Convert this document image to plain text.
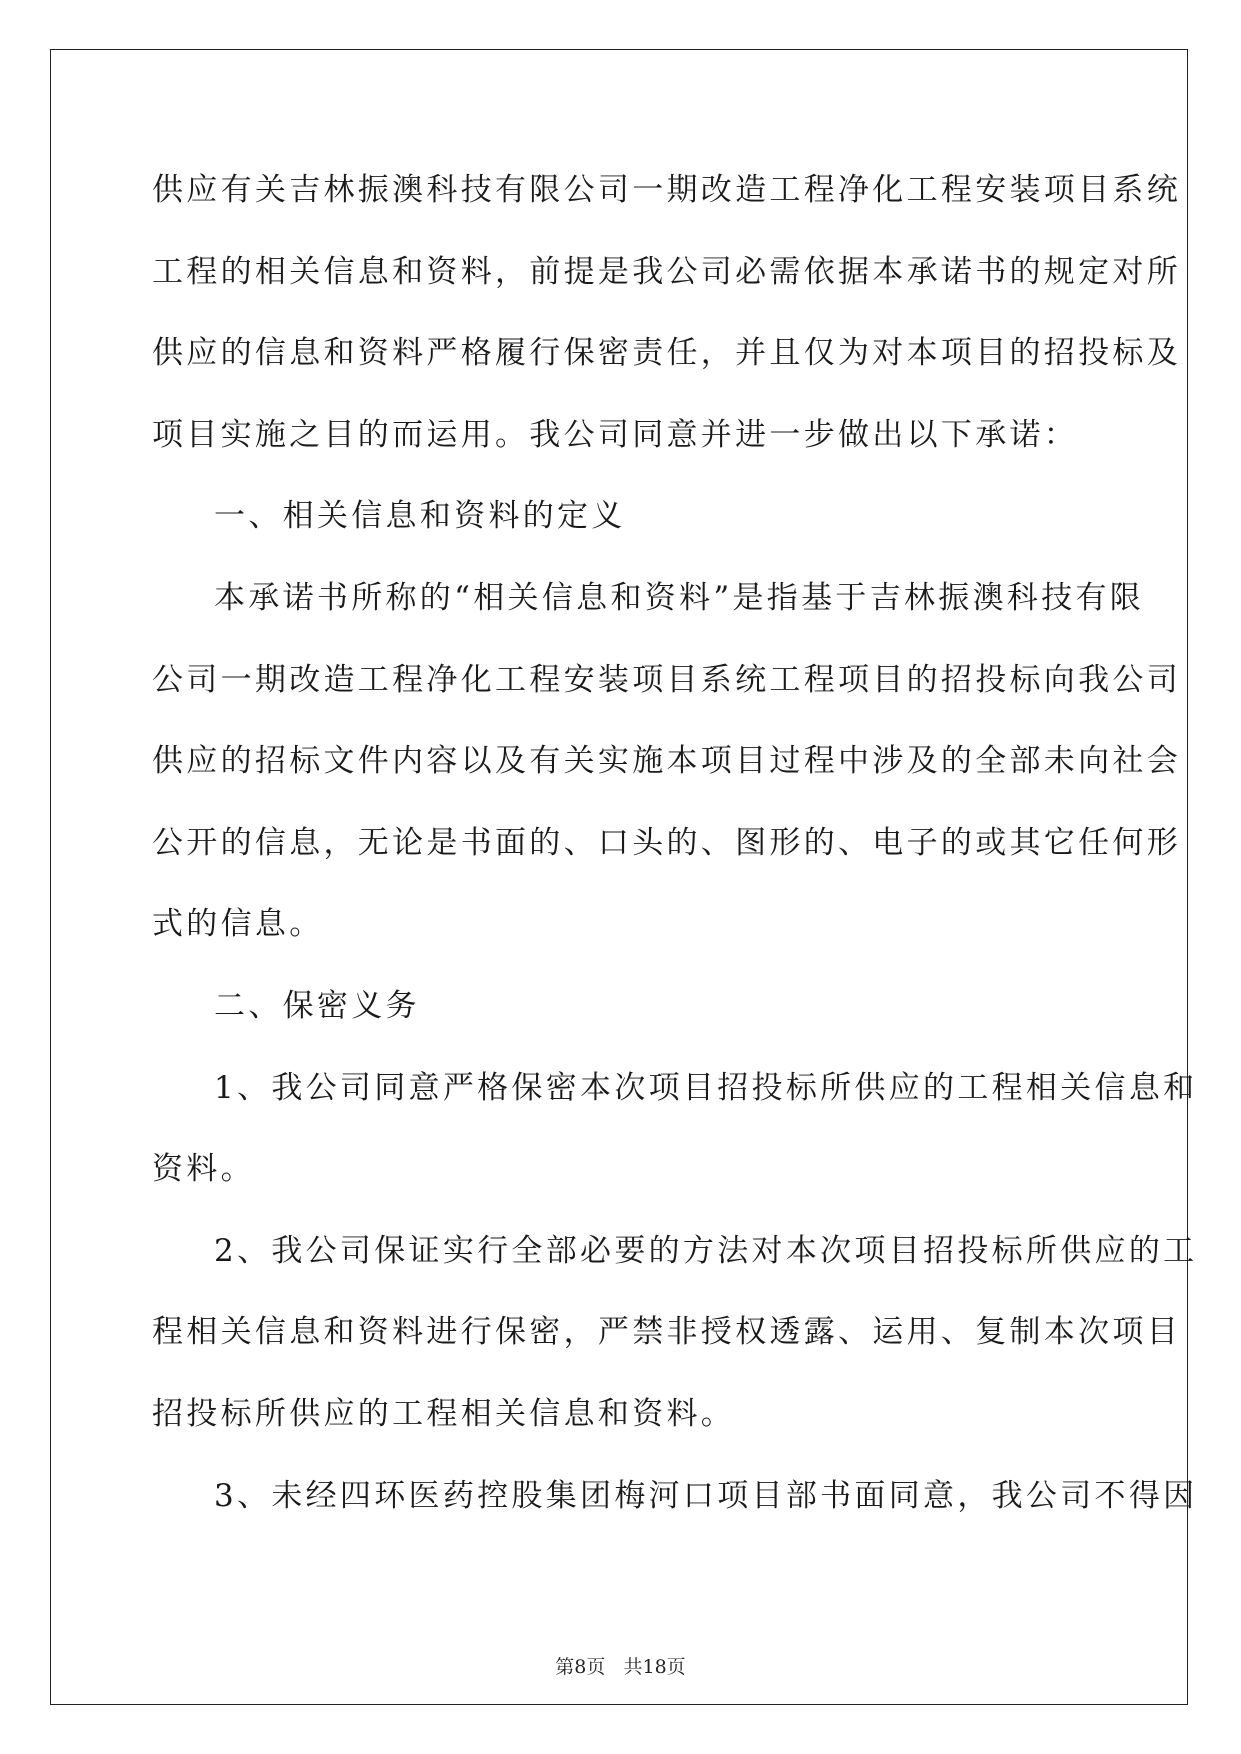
供应有关吉林振澳科技有限公司一期改造工程净化工程安装项目系统
工程的相关信息和资料，前提是我公司必需依据本承诺书的规定对所
供应的信息和资料严格履行保密责任，并且仅为对本项目的招投标及
项目实施之目的而运用。我公司同意并进一步做出以下承诺：
一、相关信息和资料的定义
本承诺书所称的“相关信息和资料”是指基于吉林振澳科技有限
公司一期改造工程净化工程安装项目系统工程项目的招投标向我公司
供应的招标文件内容以及有关实施本项目过程中涉及的全部未向社会
公开的信息，无论是书面的、口头的、图形的、电子的或其它任何形
式的信息。
二、保密义务
1、我公司同意严格保密本次项目招投标所供应的工程相关信息和
资料。
2、我公司保证实行全部必要的方法对本次项目招投标所供应的工
程相关信息和资料进行保密，严禁非授权透露、运用、复制本次项目
招投标所供应的工程相关信息和资料。
3、未经四环医药控股集团梅河口项目部书面同意，我公司不得因
第8页   共18页
